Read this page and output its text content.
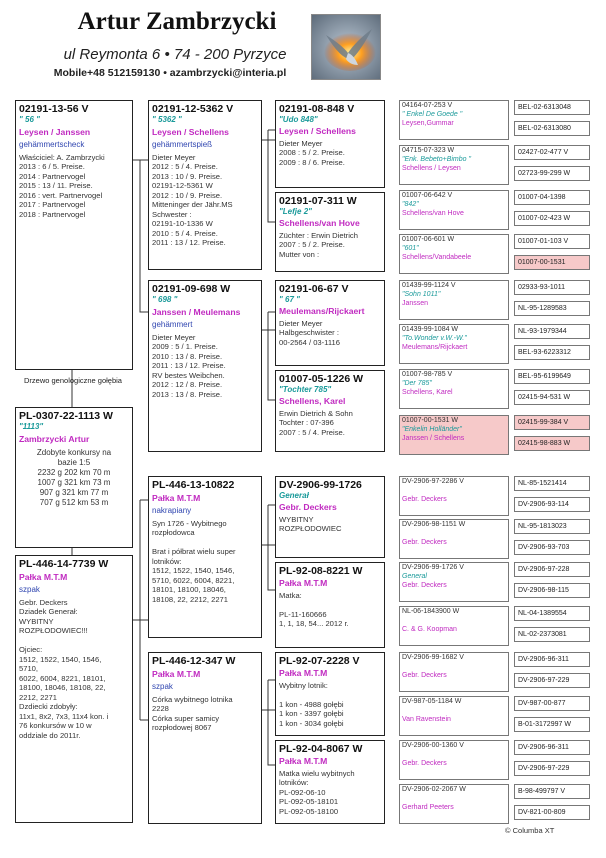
Artur Zambrzycki
ul Reymonta 6 • 74 - 200 Pyrzyce
Mobile+48 512159130 • azambrzycki@interia.pl
02191-13-56 V
" 56 "
Leysen / Janssen
gehämmertscheck
Właściciel: A. Zambrzycki
2013 : 6 / 5. Preise.
2014 : Partnervogel
2015 : 13 / 11. Preise.
2016 : vert. Partnervogel
2017 : Partnervogel
2018 : Partnervogel
Drzewo genologiczne gołębia
PL-0307-22-1113 W
"1113"
Zambrzycki Artur
Zdobyte konkursy na
bazie 1:5
2232 g 202 km 70 m
1007 g 321 km 73 m
907 g 321 km 77 m
707 g 512 km 53 m
PL-446-14-7739 W
Pałka M.T.M
szpak
Gebr. Deckers
Dziadek Generał:
WYBITNY
ROZPŁODOWIEC!!!

Ojciec:
1512, 1522, 1540, 1546,
5710,
6022, 6004, 8221, 18101,
18100, 18046, 18108, 22,
2212, 2271
Dzdiecki zdobyły:
11x1, 8x2, 7x3, 11x4 kon. i
76 konkursów w 10 w
oddziale do 2011r.
02191-12-5362 V
" 5362 "
Leysen / Schellens
gehämmertspieß
Dieter Meyer
2012 : 5 / 4. Preise.
2013 : 10 / 9. Preise.
02191-12-5361 W
2012 : 10 / 9. Preise.
Mitteninger der Jähr.MS
Schwester :
02191-10-1336 W
2010 : 5 / 4. Preise.
2011 : 13 / 12. Preise.
02191-09-698 W
" 698 "
Janssen / Meulemans
gehämmert
Dieter Meyer
2009 : 5 / 1. Preise.
2010 : 13 / 8. Preise.
2011 : 13 / 12. Preise.
RV bestes Weibchen.
2012 : 12 / 8. Preise.
2013 : 13 / 8. Preise.
PL-446-13-10822
Pałka M.T.M
nakrapiany
Syn 1726 - Wybitnego
rozpłodowca

Brat i półbrat wielu super
lotników:
1512, 1522, 1540, 1546,
5710, 6022, 6004, 8221,
18101, 18100, 18046,
18108, 22, 2212, 2271
PL-446-12-347 W
Pałka M.T.M
szpak
Córka wybitnego lotnika
2228
Córka super samicy
rozpłodowej 8067
02191-08-848 V
"Udo 848"
Leysen / Schellens
Dieter Meyer
2008 : 5 / 2. Preise.
2009 : 8 / 6. Preise.
02191-07-311 W
"Lefje 2"
Schellens/van Hove
Züchter : Erwin Dietrich
2007 : 5 / 2. Preise.
Mutter von :
02191-06-67 V
" 67 "
Meulemans/Rijckaert
Dieter Meyer
Halbgeschwister :
00-2564 / 03-1116
01007-05-1226 W
"Tochter 785"
Schellens, Karel
Erwin Dietrich & Sohn
Tochter : 07-396
2007 : 5 / 4. Preise.
DV-2906-99-1726
Generał
Gebr. Deckers
WYBITNY
ROZPŁODOWIEC
PL-92-08-8221 W
Pałka M.T.M
Matka:

PL-11-160666
1, 1, 18, 54... 2012 r.
PL-92-07-2228 V
Pałka M.T.M
Wybitny lotnik:

1 kon - 4988 gołębi
1 kon - 3397 gołębi
1 kon - 3034 gołębi
PL-92-04-8067 W
Pałka M.T.M
Matka wielu wybitnych
lotników:
PL-092-06-10
PL-092-05-18101
PL-092-05-18100
04164-07-253 V
" Enkel De Goede "
Leysen,Gummar
04715-07-323 W
"Enk. Bebeto+Bimbo "
Schellens / Leysen
01007-06-642 V
"842"
Schellens/van Hove
01007-06-601 W
"601"
Schellens/Vandabeele
01439-99-1124 V
"Sohn 1011"
Janssen
01439-99-1084 W
"To.Wonder v.W.-W."
Meulemans/Rijckaert
01007-98-785 V
"Der 785"
Schellens, Karel
01007-00-1531 W
"Enkelin Holländer"
Janssen / Schellens
DV-2906-97-2286 V

Gebr. Deckers
DV-2906-98-1151 W

Gebr. Deckers
DV-2906-99-1726 V
General
Gebr. Deckers
NL-06-1843900 W

C. & G. Koopman
DV-2906-99-1682 V

Gebr. Deckers
DV-987-05-1184 W

Van Ravenstein
DV-2906-00-1360 V

Gebr. Deckers
DV-2906-02-2067 W

Gerhard Peeters
BEL-02-6313048
BEL-02-6313080
02427-02-477 V
02723-99-299 W
01007-04-1398
01007-02-423 W
01007-01-103 V
01007-00-1531
02933-93-1011
NL-95-1289583
NL-93-1979344
BEL-93-6223312
BEL-95-6199649
02415-94-531 W
02415-99-384 V
02415-98-883 W
NL-85-1521414
DV-2906-93-114
NL-95-1813023
DV-2906-93-703
DV-2906-97-228
DV-2906-98-115
NL-04-1389554
NL-02-2373081
DV-2906-96-311
DV-2906-97-229
DV-987-00-877
B-01-3172997 W
DV-2906-96-311
DV-2906-97-229
B-98-499797 V
DV-821-00-809
© Columba XT
